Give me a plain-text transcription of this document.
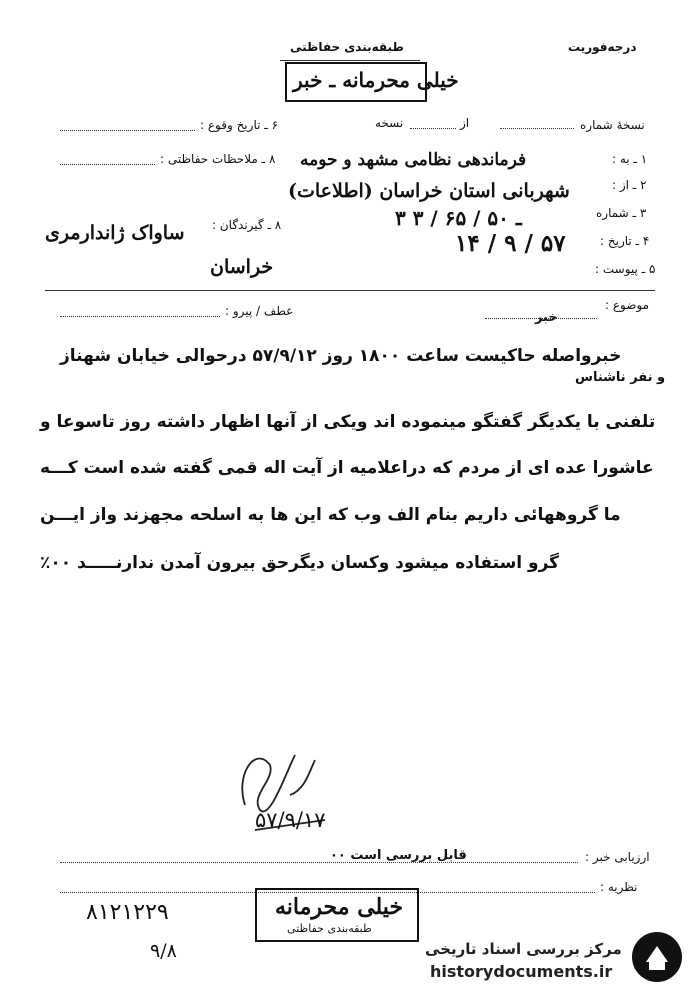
درجه‌فوریت
طبقه‌بندی حفاظتی
خیلی محرمانه ـ خبر
نسخهٔ شماره
از
نسخه
۶ ـ تاریخ وقوع :
۸ ـ ملاحظات حفاظتی :
۸ ـ گیرندگان :
۱ ـ به :
۲ ـ از :
۳ ـ شماره
۴ ـ تاریخ :
۵ ـ پیوست :
فرماندهی نظامی مشهد و حومه
شهربانی استان خراسان (اطلاعات)
۳ ـ ۵۰ / ۶۵ / ۳
۱۴ / ۹ / ۵۷
ساواک ژاندارمری
خراسان
عطف / پیرو :	موضوع :
خبر
خبرواصله حاکیست ساعت ۱۸۰۰ روز ۵۷/۹/۱۲ درحوالی خیابان شهناز
و نفر ناشناس
تلفنی با یکدیگر گفتگو مینموده اند ویکی از آنها اظهار داشته روز تاسوعا و
عاشورا عده ای از مردم که دراعلامیه از آیت اله قمی گفته شده است کـــه
ما گروههائی داریم بنام الف وب که این ها به اسلحه مجهزند واز ایـــن
گرو استفاده میشود وکسان دیگرحق بیرون آمدن ندارنـــــد ۰۰٪
۵۷/۹/۱۷
ارزیابی خبر :
قابل بررسی است ۰۰
نظریه :
۸۱۲۱۲۲۹
۹/۸
خیلی محرمانه
طبقه‌بندی حفاظتی
مرکز بررسی اسناد تاریخی
historydocuments.ir
